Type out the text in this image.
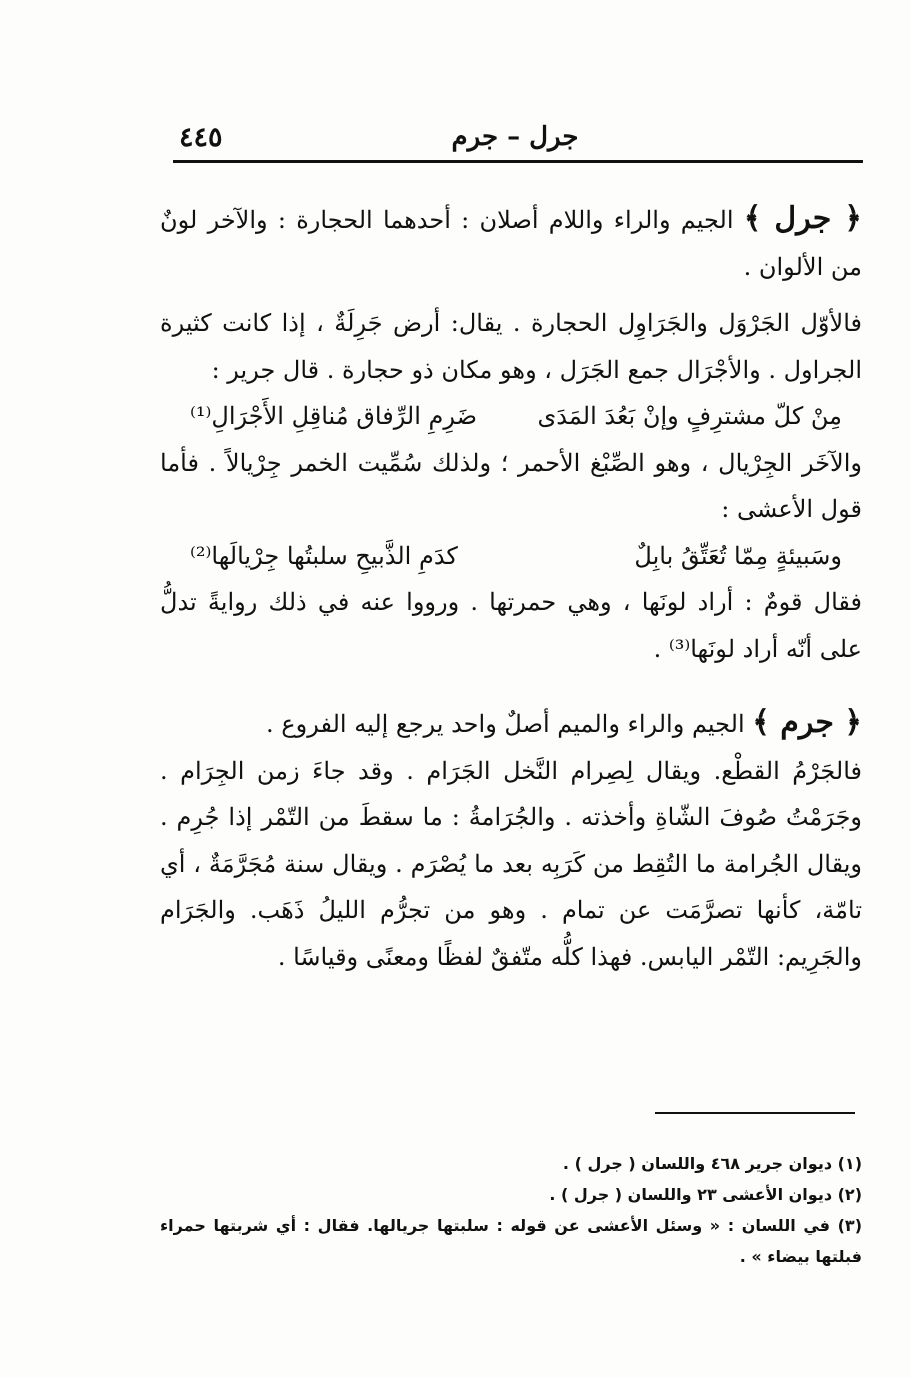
٤٤٥	جرل – جرم

﴿ جرل ﴾ الجيم والراء واللام أصلان : أحدهما الحجارة : والآخر لونٌ من الألوان .

فالأوّل الجَرْوَل والجَرَاوِل الحجارة . يقال: أرض جَرِلَةٌ ، إذا كانت كثيرة الجراول . والأجْرَال جمع الجَرَل ، وهو مكان ذو حجارة . قال جرير :

مِنْ كلّ مشترِفٍ وإنْ بَعُدَ المَدَى
ضَرِمِ الرِّفاق مُناقِلِ الأَجْرَالِ⁽¹⁾

والآخَر الجِرْيال ، وهو الصِّبْغ الأحمر ؛ ولذلك سُمِّيت الخمر جِرْيالاً . فأما قول الأعشى :

وسَبيئةٍ مِمّا تُعَتِّقُ بابِلٌ
كدَمِ الذَّبيحِ سلبتُها جِرْيالَها⁽²⁾

فقال قومٌ : أراد لونَها ، وهي حمرتها . ورووا عنه في ذلك روايةً تدلُّ على أنّه أراد لونَها⁽³⁾ .

﴿ جرم ﴾ الجيم والراء والميم أصلٌ واحد يرجع إليه الفروع .

فالجَرْمُ القطْع. ويقال لِصِرام النَّخل الجَرَام . وقد جاءَ زمن الجِرَام . وجَرَمْتُ صُوفَ الشّاةِ وأخذته . والجُرَامةُ : ما سقطَ من التّمْر إذا جُرِم . ويقال الجُرامة ما التُقِط من كَرَبِه بعد ما يُصْرَم . ويقال سنة مُجَرَّمَةٌ ، أي تامّة، كأنها تصرَّمَت عن تمام . وهو من تجرُّم الليلُ ذَهَب. والجَرَام والجَرِيم: التّمْر اليابس. فهذا كلُّه متّفقٌ لفظًا ومعنًى وقياسًا .

(١) ديوان جرير ٤٦٨ واللسان ( جرل ) .
(٢) ديوان الأعشى ٢٣ واللسان ( جرل ) .
(٣) في اللسان : « وسئل الأعشى عن قوله : سلبتها جريالها. فقال : أي شربتها حمراء فبلتها بيضاء » .
